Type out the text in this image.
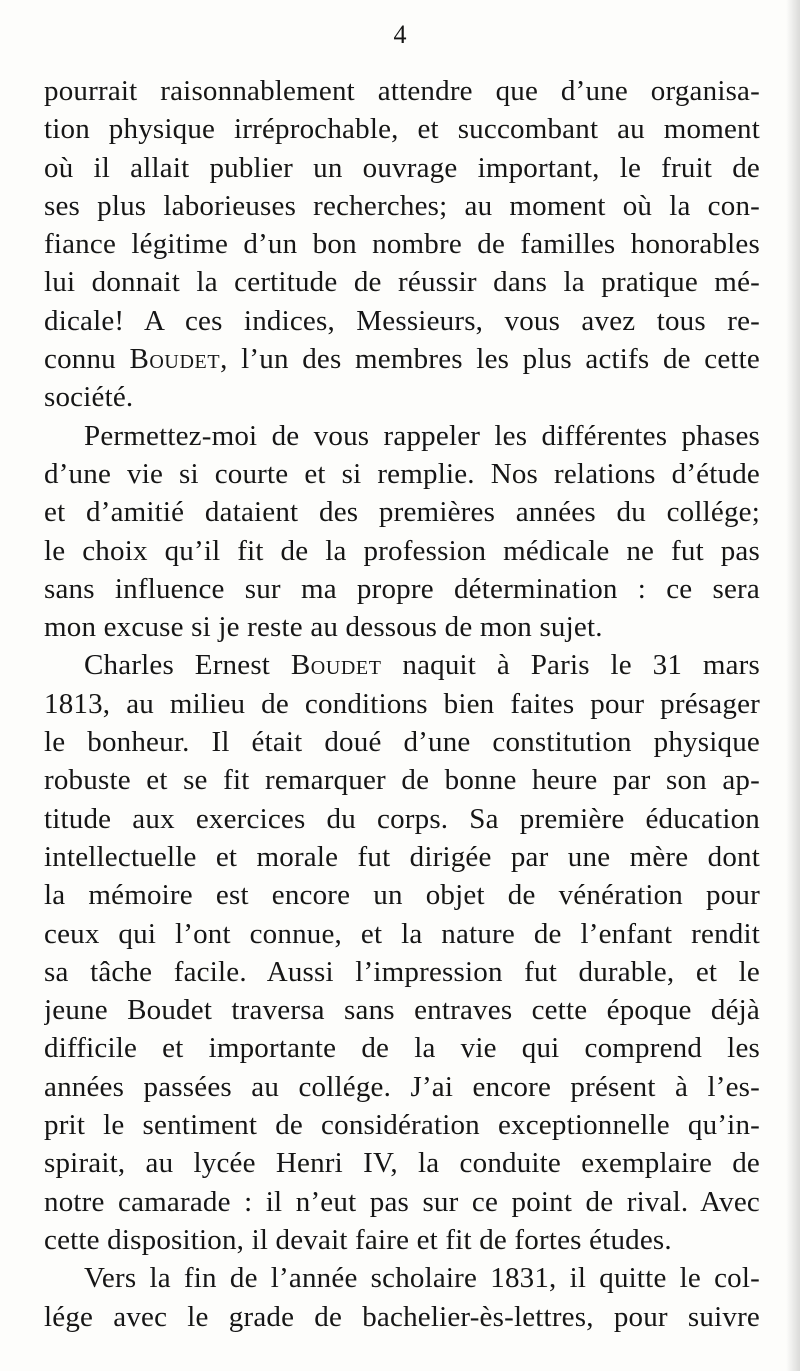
4
pourrait raisonnablement attendre que d’une organisa-
tion physique irréprochable, et succombant au moment
où il allait publier un ouvrage important, le fruit de
ses plus laborieuses recherches; au moment où la con-
fiance légitime d’un bon nombre de familles honorables
lui donnait la certitude de réussir dans la pratique mé-
dicale! A ces indices, Messieurs, vous avez tous re-
connu Boudet, l’un des membres les plus actifs de cette
société.
Permettez-moi de vous rappeler les différentes phases
d’une vie si courte et si remplie. Nos relations d’étude
et d’amitié dataient des premières années du collége;
le choix qu’il fit de la profession médicale ne fut pas
sans influence sur ma propre détermination : ce sera
mon excuse si je reste au dessous de mon sujet.
Charles Ernest Boudet naquit à Paris le 31 mars
1813, au milieu de conditions bien faites pour présager
le bonheur. Il était doué d’une constitution physique
robuste et se fit remarquer de bonne heure par son ap-
titude aux exercices du corps. Sa première éducation
intellectuelle et morale fut dirigée par une mère dont
la mémoire est encore un objet de vénération pour
ceux qui l’ont connue, et la nature de l’enfant rendit
sa tâche facile. Aussi l’impression fut durable, et le
jeune Boudet traversa sans entraves cette époque déjà
difficile et importante de la vie qui comprend les
années passées au collége. J’ai encore présent à l’es-
prit le sentiment de considération exceptionnelle qu’in-
spirait, au lycée Henri IV, la conduite exemplaire de
notre camarade : il n’eut pas sur ce point de rival. Avec
cette disposition, il devait faire et fit de fortes études.
Vers la fin de l’année scholaire 1831, il quitte le col-
lége avec le grade de bachelier-ès-lettres, pour suivre
